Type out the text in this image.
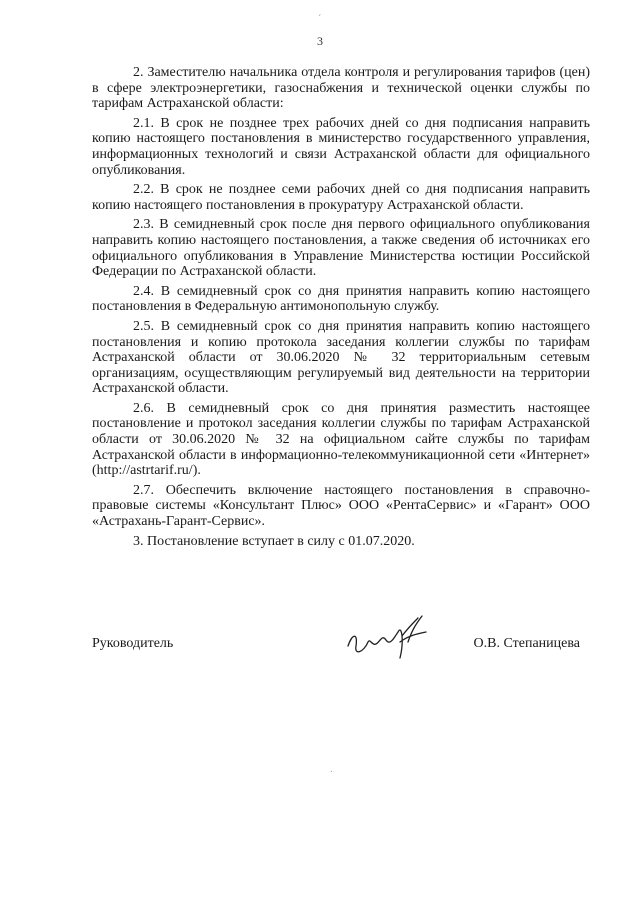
3

2. Заместителю начальника отдела контроля и регулирования тарифов (цен) в сфере электроэнергетики, газоснабжения и технической оценки службы по тарифам Астраханской области:

2.1. В срок не позднее трех рабочих дней со дня подписания направить копию настоящего постановления в министерство государственного управления, информационных технологий и связи Астраханской области для официального опубликования.

2.2. В срок не позднее семи рабочих дней со дня подписания направить копию настоящего постановления в прокуратуру Астраханской области.

2.3. В семидневный срок после дня первого официального опубликования направить копию настоящего постановления, а также сведения об источниках его официального опубликования в Управление Министерства юстиции Российской Федерации по Астраханской области.

2.4. В семидневный срок со дня принятия направить копию настоящего постановления в Федеральную антимонопольную службу.

2.5. В семидневный срок со дня принятия направить копию настоящего постановления и копию протокола заседания коллегии службы по тарифам Астраханской области от 30.06.2020 № 32 территориальным сетевым организациям, осуществляющим регулируемый вид деятельности на территории Астраханской области.

2.6. В семидневный срок со дня принятия разместить настоящее постановление и протокол заседания коллегии службы по тарифам Астраханской области от 30.06.2020 № 32 на официальном сайте службы по тарифам Астраханской области в информационно-телекоммуникационной сети «Интернет» (http://astrtarif.ru/).

2.7. Обеспечить включение настоящего постановления в справочно-правовые системы «Консультант Плюс» ООО «РентаСервис» и «Гарант» ООО «Астрахань-Гарант-Сервис».

3. Постановление вступает в силу с 01.07.2020.

Руководитель	О.В. Степаницева
ˊ
ˑ
